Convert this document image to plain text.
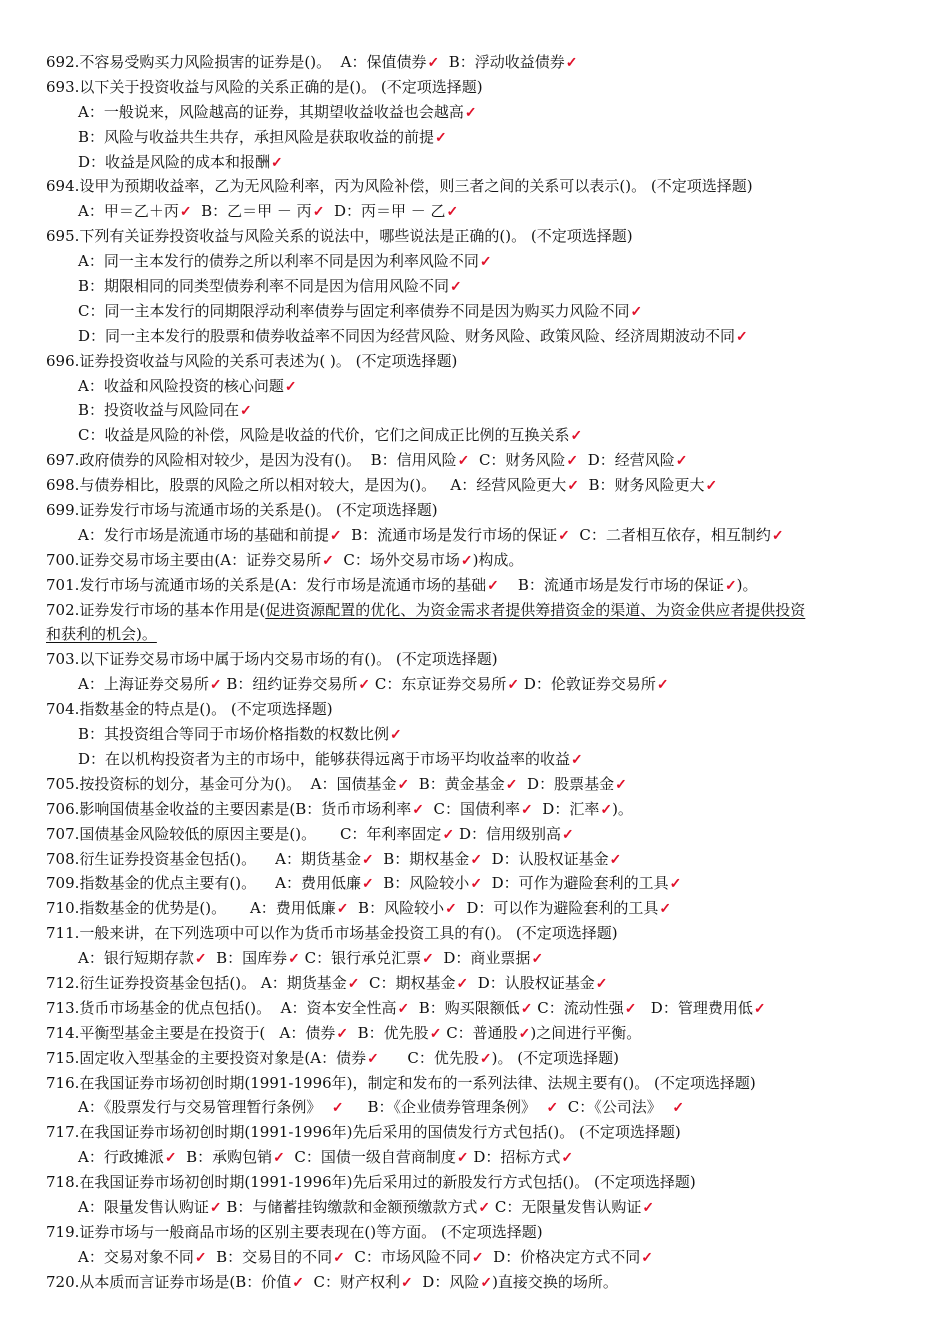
692.不容易受购买力风险损害的证券是()。  A：保值债券✓  B：浮动收益债券✓
693.以下关于投资收益与风险的关系正确的是()。 (不定项选择题)
A：一般说来，风险越高的证券，其期望收益收益也会越高✓
B：风险与收益共生共存，承担风险是获取收益的前提✓
D：收益是风险的成本和报酬✓
694.设甲为预期收益率，乙为无风险利率，丙为风险补偿，则三者之间的关系可以表示()。 (不定项选择题)
A：甲＝乙＋丙✓  B：乙＝甲 － 丙✓  D：丙＝甲 － 乙✓
695.下列有关证券投资收益与风险关系的说法中，哪些说法是正确的()。 (不定项选择题)
A：同一主本发行的债券之所以利率不同是因为利率风险不同✓
B：期限相同的同类型债券利率不同是因为信用风险不同✓
C：同一主本发行的同期限浮动利率债券与固定利率债券不同是因为购买力风险不同✓
D：同一主本发行的股票和债券收益率不同因为经营风险、财务风险、政策风险、经济周期波动不同✓
696.证券投资收益与风险的关系可表述为( )。 (不定项选择题)
A：收益和风险投资的核心问题✓
B：投资收益与风险同在✓
C：收益是风险的补偿，风险是收益的代价，它们之间成正比例的互换关系✓
697.政府债券的风险相对较少，是因为没有()。  B：信用风险✓  C：财务风险✓  D：经营风险✓
698.与债券相比，股票的风险之所以相对较大，是因为()。   A：经营风险更大✓  B：财务风险更大✓
699.证券发行市场与流通市场的关系是()。 (不定项选择题)
A：发行市场是流通市场的基础和前提✓  B：流通市场是发行市场的保证✓  C：二者相互依存，相互制约✓
700.证券交易市场主要由(A：证券交易所✓  C：场外交易市场✓)构成。
701.发行市场与流通市场的关系是(A：发行市场是流通市场的基础✓    B：流通市场是发行市场的保证✓)。
702.证券发行市场的基本作用是(促进资源配置的优化、为资金需求者提供筹措资金的渠道、为资金供应者提供投资
和获利的机会)。
703.以下证券交易市场中属于场内交易市场的有()。 (不定项选择题)
A：上海证券交易所✓ B：纽约证券交易所✓ C：东京证券交易所✓ D：伦敦证券交易所✓
704.指数基金的特点是()。 (不定项选择题)
B：其投资组合等同于市场价格指数的权数比例✓
D：在以机构投资者为主的市场中，能够获得远离于市场平均收益率的收益✓
705.按投资标的划分，基金可分为()。  A：国债基金✓  B：黄金基金✓  D：股票基金✓
706.影响国债基金收益的主要因素是(B：货币市场利率✓  C：国债利率✓  D：汇率✓)。
707.国债基金风险较低的原因主要是()。     C：年利率固定✓ D：信用级别高✓
708.衍生证券投资基金包括()。    A：期货基金✓  B：期权基金✓  D：认股权证基金✓
709.指数基金的优点主要有()。    A：费用低廉✓  B：风险较小✓  D：可作为避险套利的工具✓
710.指数基金的优势是()。     A：费用低廉✓  B：风险较小✓  D：可以作为避险套利的工具✓
711.一般来讲，在下列选项中可以作为货币市场基金投资工具的有()。 (不定项选择题)
A：银行短期存款✓  B：国库券✓ C：银行承兑汇票✓  D：商业票据✓
712.衍生证券投资基金包括()。 A：期货基金✓  C：期权基金✓  D：认股权证基金✓
713.货币市场基金的优点包括()。  A：资本安全性高✓  B：购买限额低✓ C：流动性强✓   D：管理费用低✓
714.平衡型基金主要是在投资于(   A：债券✓  B：优先股✓ C：普通股✓)之间进行平衡。
715.固定收入型基金的主要投资对象是(A：债券✓      C：优先股✓)。 (不定项选择题)
716.在我国证券市场初创时期(1991-1996年)，制定和发布的一系列法律、法规主要有()。 (不定项选择题)
A：《股票发行与交易管理暂行条例》  ✓     B：《企业债券管理条例》  ✓  C：《公司法》  ✓
717.在我国证券市场初创时期(1991-1996年)先后采用的国债发行方式包括()。 (不定项选择题)
A：行政摊派✓  B：承购包销✓  C：国债一级自营商制度✓ D：招标方式✓
718.在我国证券市场初创时期(1991-1996年)先后采用过的新股发行方式包括()。 (不定项选择题)
A：限量发售认购证✓ B：与储蓄挂钩缴款和金额预缴款方式✓ C：无限量发售认购证✓
719.证券市场与一般商品市场的区别主要表现在()等方面。 (不定项选择题)
A：交易对象不同✓  B：交易目的不同✓  C：市场风险不同✓  D：价格决定方式不同✓
720.从本质而言证券市场是(B：价值✓  C：财产权利✓  D：风险✓)直接交换的场所。
